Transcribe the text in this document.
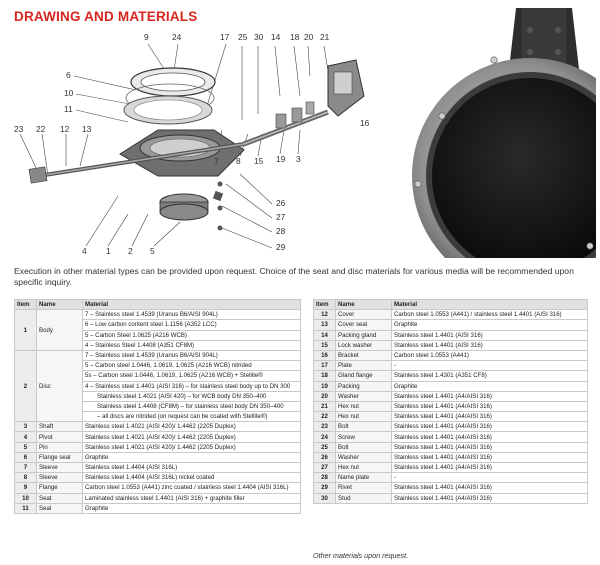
DRAWING AND MATERIALS
9	24	17 25 30 14 18 20 21
6
10
11
16
23 22 12 13
7 8 15 19 3
26
27
28
29
4 1 2 5
Execution in other material types can be provided upon request. Choice of the seat and disc materials for various media will be recommended upon specific inquiry.
Item	Name	Material
1	Body	7 – Stainless steel 1.4539 (Uranus B6/AISI 904L)
		6 – Low carbon content steel 1.1156 (A352 LCC)
		5 – Carbon Steel 1.0625 (A216 WCB)
		4 – Stainless Steel 1.4408 (A351 CF8M)
2	Disc	7 – Stainless steel 1.4539 (Uranus B6/AISI 904L)
		5 – Carbon steel 1.0446, 1.0619, 1.0625 (A216 WCB) nitrided
		5s – Carbon steel 1.0446, 1.0619, 1.0625 (A216 WCB) + Stellite®
		4 – Stainless steel 1.4401 (AISI 316) – for stainless steel body up to DN 300
		Stainless steel 1.4021 (AISI 420) – for WCB body DN 350–400
		Stainless steel 1.4408 (CF8M) – for stainless steel body DN 350–400
		– all discs are nitrided (on request can be coated with Stellite®)
3	Shaft	Stainless steel 1.4021 (AISI 420)/ 1.4462 (2205 Duplex)
4	Pivot	Stainless steel 1.4021 (AISI 420)/ 1.4462 (2205 Duplex)
5	Pin	Stainless steel 1.4021 (AISI 420)/ 1.4462 (2205 Duplex)
6	Flange seal	Graphite
7	Sleeve	Stainless steel 1.4404 (AISI 316L)
8	Sleeve	Stainless steel 1.4404 (AISI 316L) nickel coated
9	Flange	Carbon steel 1.0553 (A441) zinc coated / stainless steel 1.4404 (AISI 316L)
10	Seat	Laminated stainless steel 1.4401 (AISI 316) + graphite filler
11	Seal	Graphite
Item	Name	Material
12	Cover	Carbon steel 1.0553 (A441) / stainless steel 1.4401 (AISI 316)
13	Cover seal	Graphite
14	Packing gland	Stainless steel 1.4401 (AISI 316)
15	Lock washer	Stainless steel 1.4401 (AISI 316)
16	Bracket	Carbon steel 1.0553 (A441)
17	Plate	-
18	Gland flange	Stainless steel 1.4301 (A351 CF8)
19	Packing	Graphite
20	Washer	Stainless steel 1.4401 (A4/AISI 316)
21	Hex nut	Stainless steel 1.4401 (A4/AISI 316)
22	Hex nut	Stainless steel 1.4401 (A4/AISI 316)
23	Bolt	Stainless steel 1.4401 (A4/AISI 316)
24	Screw	Stainless steel 1.4401 (A4/AISI 316)
25	Bolt	Stainless steel 1.4401 (A4/AISI 316)
26	Washer	Stainless steel 1.4401 (A4/AISI 316)
27	Hex nut	Stainless steel 1.4401 (A4/AISI 316)
28	Name plate	-
29	Rivet	Stainless steel 1.4401 (A4/AISI 316)
30	Stud	Stainless steel 1.4401 (A4/AISI 316)
Other materials upon request.
